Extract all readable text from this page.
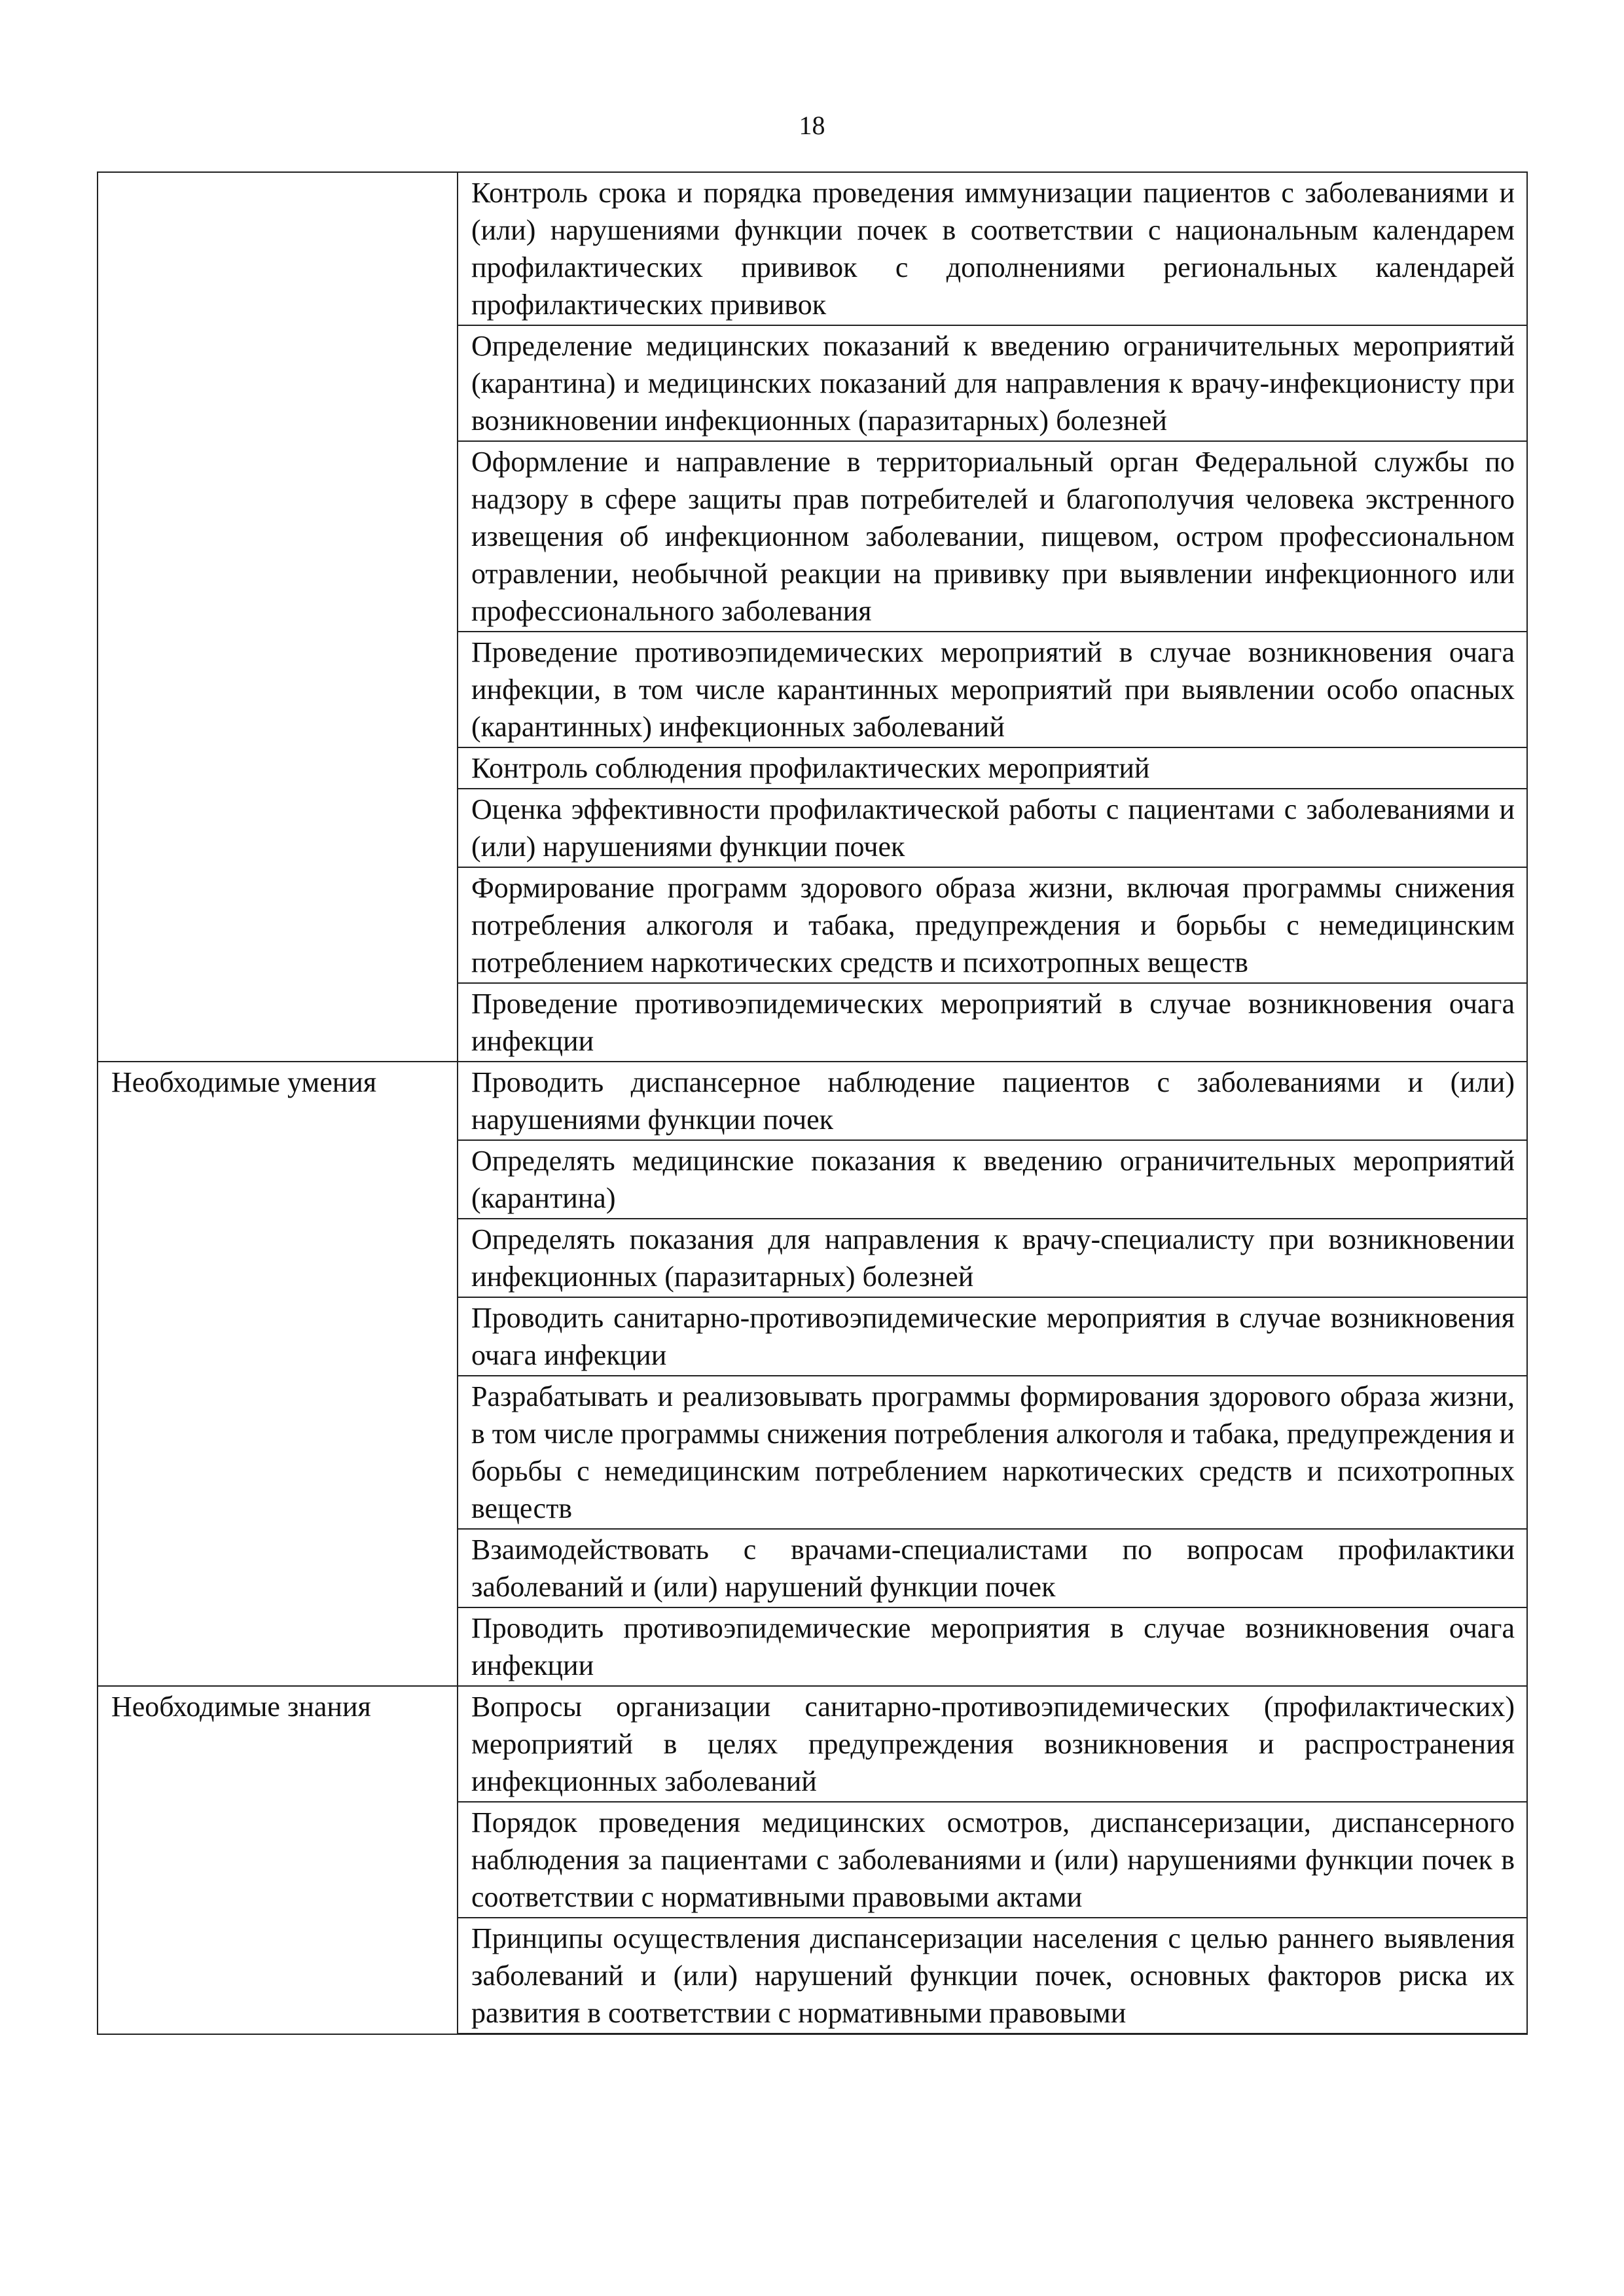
18
	Контроль срока и порядка проведения иммунизации пациентов с заболеваниями и (или) нарушениями функции почек в соответствии с национальным календарем профилактических прививок с дополнениями региональных календарей профилактических прививок
	Определение медицинских показаний к введению ограничительных мероприятий (карантина) и медицинских показаний для направления к врачу-инфекционисту при возникновении инфекционных (паразитарных) болезней
	Оформление и направление в территориальный орган Федеральной службы по надзору в сфере защиты прав потребителей и благополучия человека экстренного извещения об инфекционном заболевании, пищевом, остром профессиональном отравлении, необычной реакции на прививку при выявлении инфекционного или профессионального заболевания
	Проведение противоэпидемических мероприятий в случае возникновения очага инфекции, в том числе карантинных мероприятий при выявлении особо опасных (карантинных) инфекционных заболеваний
	Контроль соблюдения профилактических мероприятий
	Оценка эффективности профилактической работы с пациентами с заболеваниями и (или) нарушениями функции почек
	Формирование программ здорового образа жизни, включая программы снижения потребления алкоголя и табака, предупреждения и борьбы с немедицинским потреблением наркотических средств и психотропных веществ
	Проведение противоэпидемических мероприятий в случае возникновения очага инфекции
Необходимые умения	Проводить диспансерное наблюдение пациентов с заболеваниями и (или) нарушениями функции почек
	Определять медицинские показания к введению ограничительных мероприятий (карантина)
	Определять показания для направления к врачу-специалисту при возникновении инфекционных (паразитарных) болезней
	Проводить санитарно-противоэпидемические мероприятия в случае возникновения очага инфекции
	Разрабатывать и реализовывать программы формирования здорового образа жизни, в том числе программы снижения потребления алкоголя и табака, предупреждения и борьбы с немедицинским потреблением наркотических средств и психотропных веществ
	Взаимодействовать с врачами-специалистами по вопросам профилактики заболеваний и (или) нарушений функции почек
	Проводить противоэпидемические мероприятия в случае возникновения очага инфекции
Необходимые знания	Вопросы организации санитарно-противоэпидемических (профилактических) мероприятий в целях предупреждения возникновения и распространения инфекционных заболеваний
	Порядок проведения медицинских осмотров, диспансеризации, диспансерного наблюдения за пациентами с заболеваниями и (или) нарушениями функции почек в соответствии с нормативными правовыми актами
	Принципы осуществления диспансеризации населения с целью раннего выявления заболеваний и (или) нарушений функции почек, основных факторов риска их развития в соответствии с нормативными правовыми
